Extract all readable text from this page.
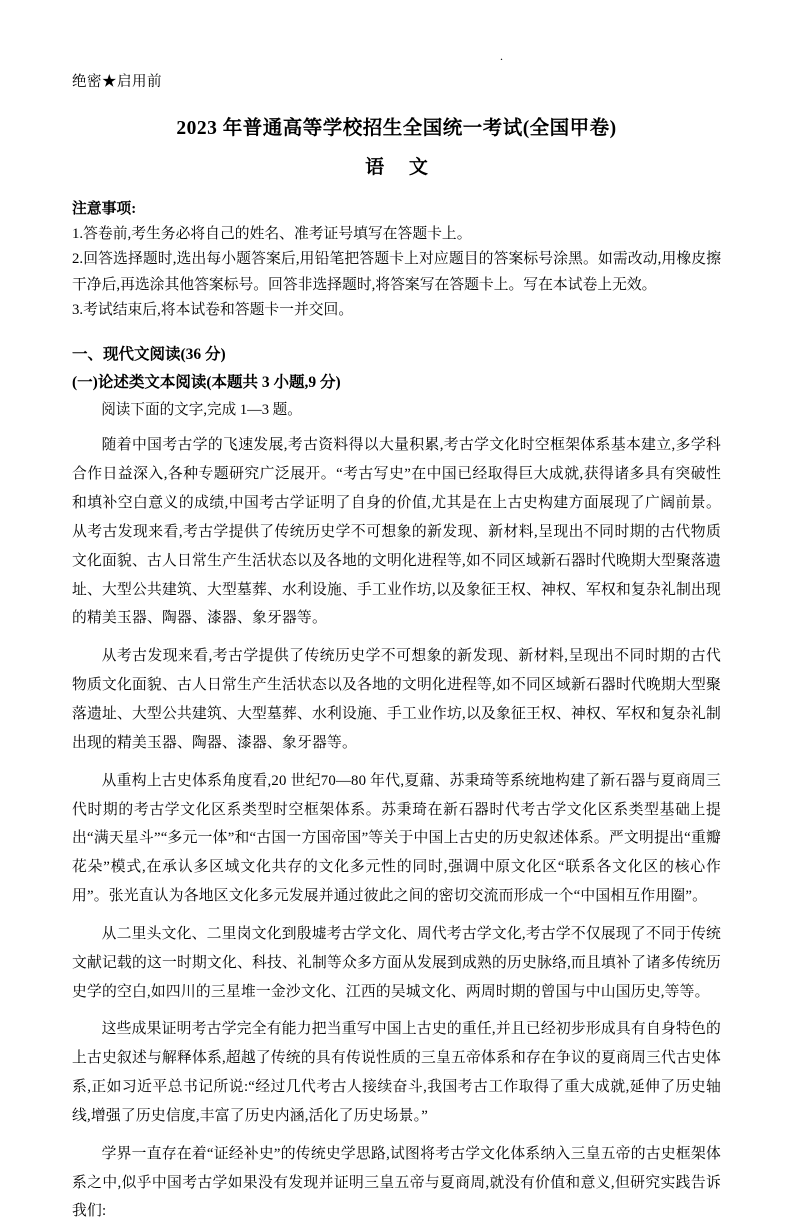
.
绝密★启用前
2023 年普通高等学校招生全国统一考试(全国甲卷)
语 文
注意事项:

1.答卷前,考生务必将自己的姓名、准考证号填写在答题卡上。

2.回答选择题时,选出每小题答案后,用铅笔把答题卡上对应题目的答案标号涂黑。如需改动,用橡皮擦干净后,再选涂其他答案标号。回答非选择题时,将答案写在答题卡上。写在本试卷上无效。

3.考试结束后,将本试卷和答题卡一并交回。

一、现代文阅读(36 分)
(一)论述类文本阅读(本题共 3 小题,9 分)

阅读下面的文字,完成 1—3 题。

随着中国考古学的飞速发展,考古资料得以大量积累,考古学文化时空框架体系基本建立,多学科合作日益深入,各种专题研究广泛展开。“考古写史”在中国已经取得巨大成就,获得诸多具有突破性和填补空白意义的成绩,中国考古学证明了自身的价值,尤其是在上古史构建方面展现了广阔前景。从考古发现来看,考古学提供了传统历史学不可想象的新发现、新材料,呈现出不同时期的古代物质文化面貌、古人日常生产生活状态以及各地的文明化进程等,如不同区域新石器时代晚期大型聚落遗址、大型公共建筑、大型墓葬、水利设施、手工业作坊,以及象征王权、神权、军权和复杂礼制出现的精美玉器、陶器、漆器、象牙器等。

从考古发现来看,考古学提供了传统历史学不可想象的新发现、新材料,呈现出不同时期的古代物质文化面貌、古人日常生产生活状态以及各地的文明化进程等,如不同区域新石器时代晚期大型聚落遗址、大型公共建筑、大型墓葬、水利设施、手工业作坊,以及象征王权、神权、军权和复杂礼制出现的精美玉器、陶器、漆器、象牙器等。

从重构上古史体系角度看,20 世纪70—80 年代,夏鼐、苏秉琦等系统地构建了新石器与夏商周三代时期的考古学文化区系类型时空框架体系。苏秉琦在新石器时代考古学文化区系类型基础上提出“满天星斗”“多元一体”和“古国一方国帝国”等关于中国上古史的历史叙述体系。严文明提出“重瓣花朵”模式,在承认多区域文化共存的文化多元性的同时,强调中原文化区“联系各文化区的核心作用”。张光直认为各地区文化多元发展并通过彼此之间的密切交流而形成一个“中国相互作用圈”。

从二里头文化、二里岗文化到殷墟考古学文化、周代考古学文化,考古学不仅展现了不同于传统文献记载的这一时期文化、科技、礼制等众多方面从发展到成熟的历史脉络,而且填补了诸多传统历史学的空白,如四川的三星堆一金沙文化、江西的吴城文化、两周时期的曾国与中山国历史,等等。

这些成果证明考古学完全有能力把当重写中国上古史的重任,并且已经初步形成具有自身特色的上古史叙述与解释体系,超越了传统的具有传说性质的三皇五帝体系和存在争议的夏商周三代古史体系,正如习近平总书记所说:“经过几代考古人接续奋斗,我国考古工作取得了重大成就,延伸了历史轴线,增强了历史信度,丰富了历史内涵,活化了历史场景。”

学界一直存在着“证经补史”的传统史学思路,试图将考古学文化体系纳入三皇五帝的古史框架体系之中,似乎中国考古学如果没有发现并证明三皇五帝与夏商周,就没有价值和意义,但研究实践告诉我们:
